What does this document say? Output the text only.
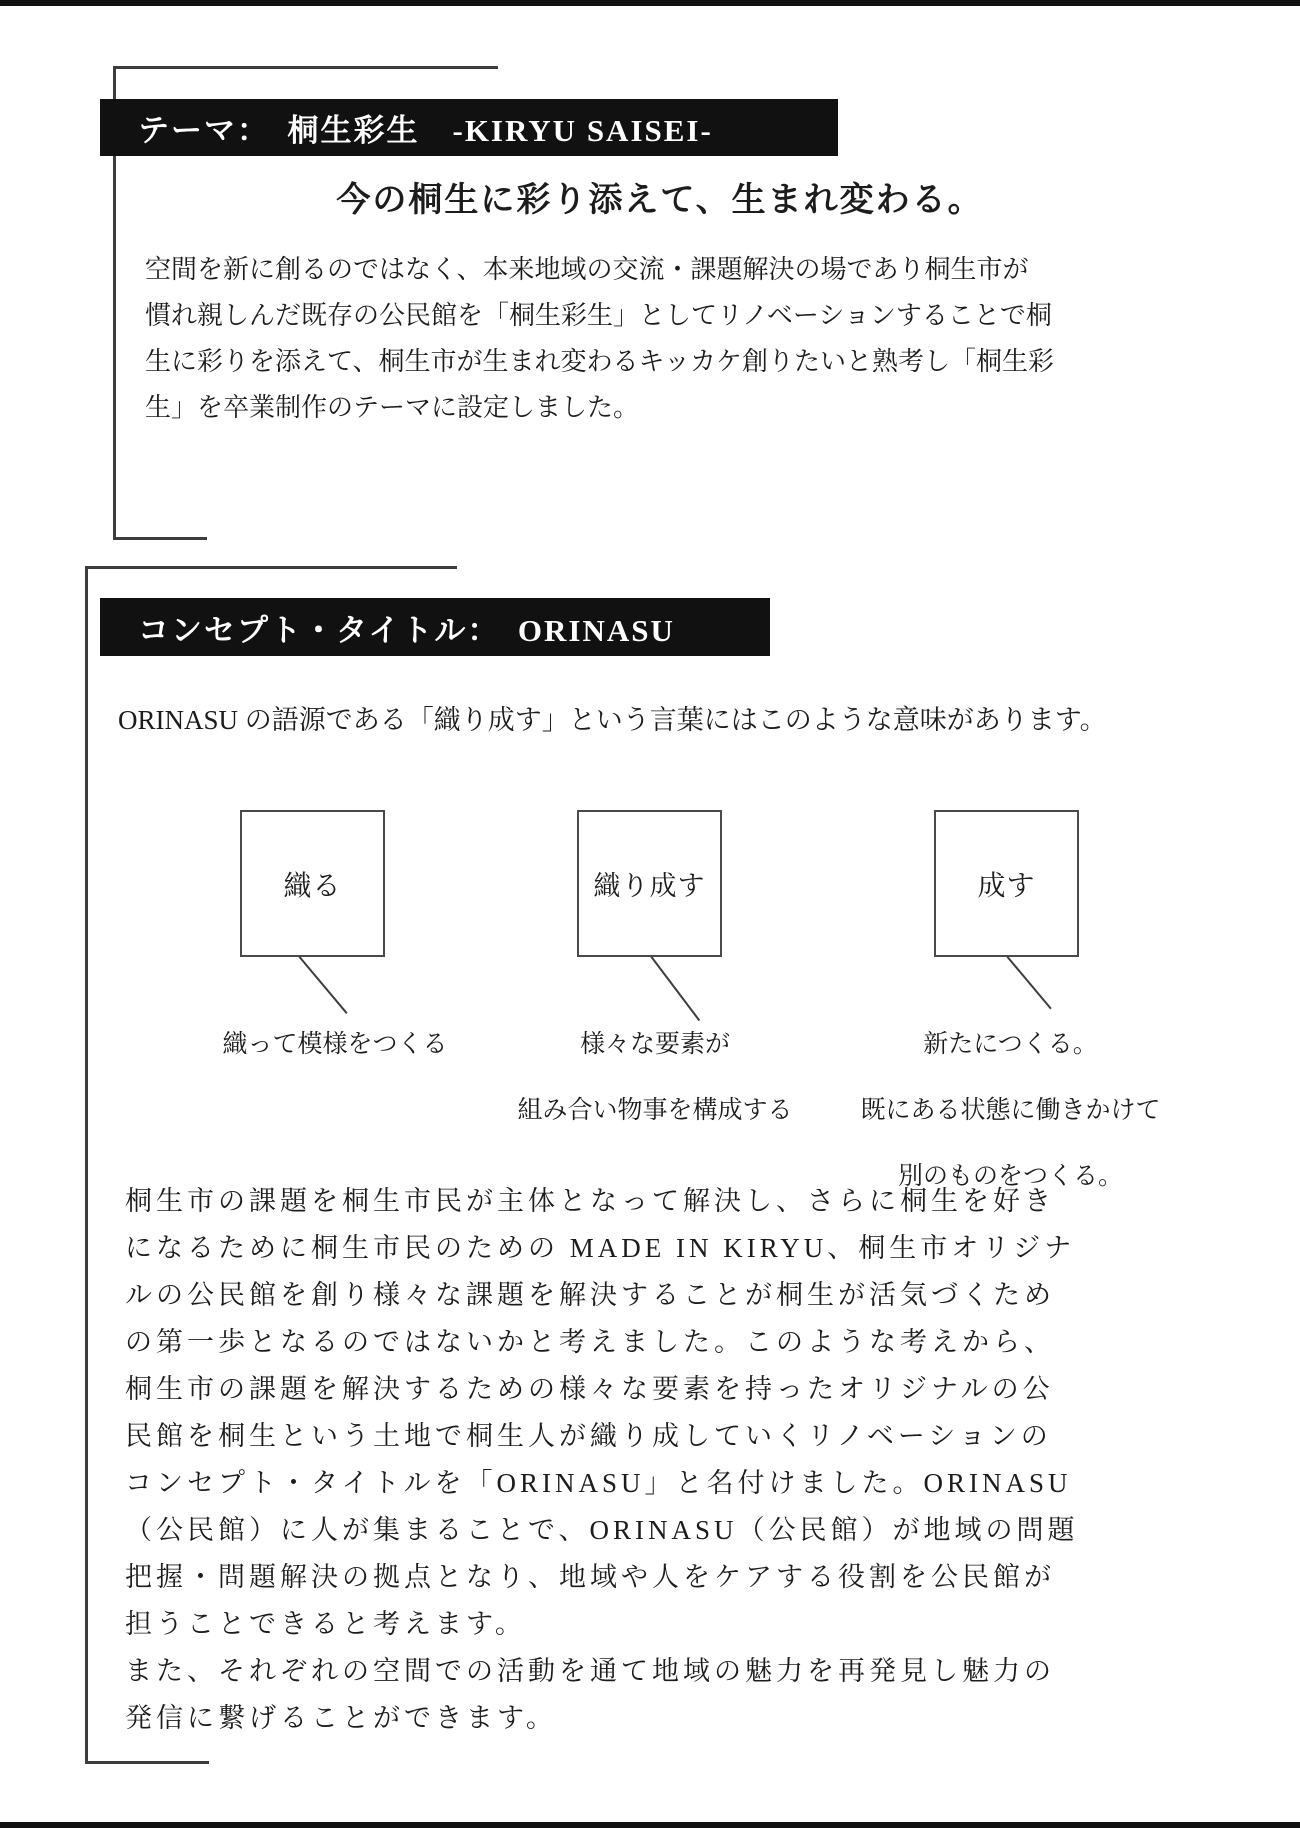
テーマ：　桐生彩生　-KIRYU SAISEI-
今の桐生に彩り添えて、生まれ変わる。
空間を新に創るのではなく、本来地域の交流・課題解決の場であり桐生市が
慣れ親しんだ既存の公民館を「桐生彩生」としてリノベーションすることで桐
生に彩りを添えて、桐生市が生まれ変わるキッカケ創りたいと熟考し「桐生彩
生」を卒業制作のテーマに設定しました。
コンセプト・タイトル：　ORINASU
ORINASU の語源である「織り成す」という言葉にはこのような意味があります。
織る	織り成す	成す
織って模様をつくる	様々な要素が
組み合い物事を構成する
新たにつくる。
既にある状態に働きかけて
別のものをつくる。
桐生市の課題を桐生市民が主体となって解決し、さらに桐生を好き
になるために桐生市民のための MADE IN KIRYU、桐生市オリジナ
ルの公民館を創り様々な課題を解決することが桐生が活気づくため
の第一歩となるのではないかと考えました。このような考えから、
桐生市の課題を解決するための様々な要素を持ったオリジナルの公
民館を桐生という土地で桐生人が織り成していくリノベーションの
コンセプト・タイトルを「ORINASU」と名付けました。ORINASU
（公民館）に人が集まることで、ORINASU（公民館）が地域の問題
把握・問題解決の拠点となり、地域や人をケアする役割を公民館が
担うことできると考えます。
また、それぞれの空間での活動を通て地域の魅力を再発見し魅力の
発信に繋げることができます。
